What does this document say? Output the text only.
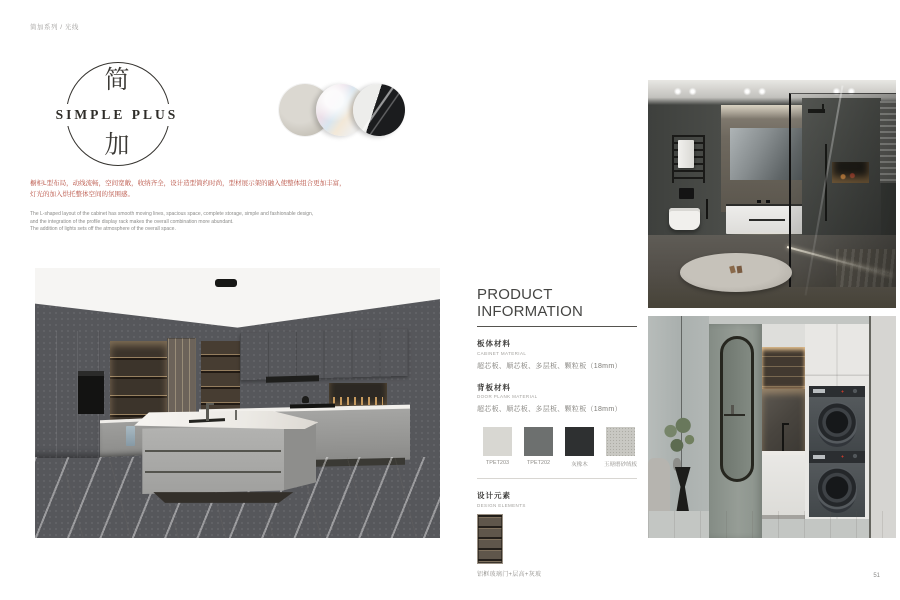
简加系列 / 光线
简
SIMPLE PLUS
加
橱柜L型布局，动线流畅，空间宽敞，收纳齐全，设计造型简约时尚，型材展示架的融入使整体组合更加丰富，
灯光的加入烘托整体空间的氛围感。
The L-shaped layout of the cabinet has smooth moving lines, spacious space, complete storage, simple and fashionable design,
and the integration of the profile display rack makes the overall combination more abundant.
The addition of lights sets off the atmosphere of the overall space.
PRODUCT INFORMATION
板体材料
CABINET MATERIAL
超芯板、顺芯板、多层板、颗粒板（18mm）
背板材料
DOOR PLANK MATERIAL
超芯板、顺芯板、多层板、颗粒板（18mm）
TPET203	TPET202	灰橡木	玉瑭磨砂绒板
设计元素
DESIGN ELEMENTS
铝框玻璃门+层高+灰玻	51
